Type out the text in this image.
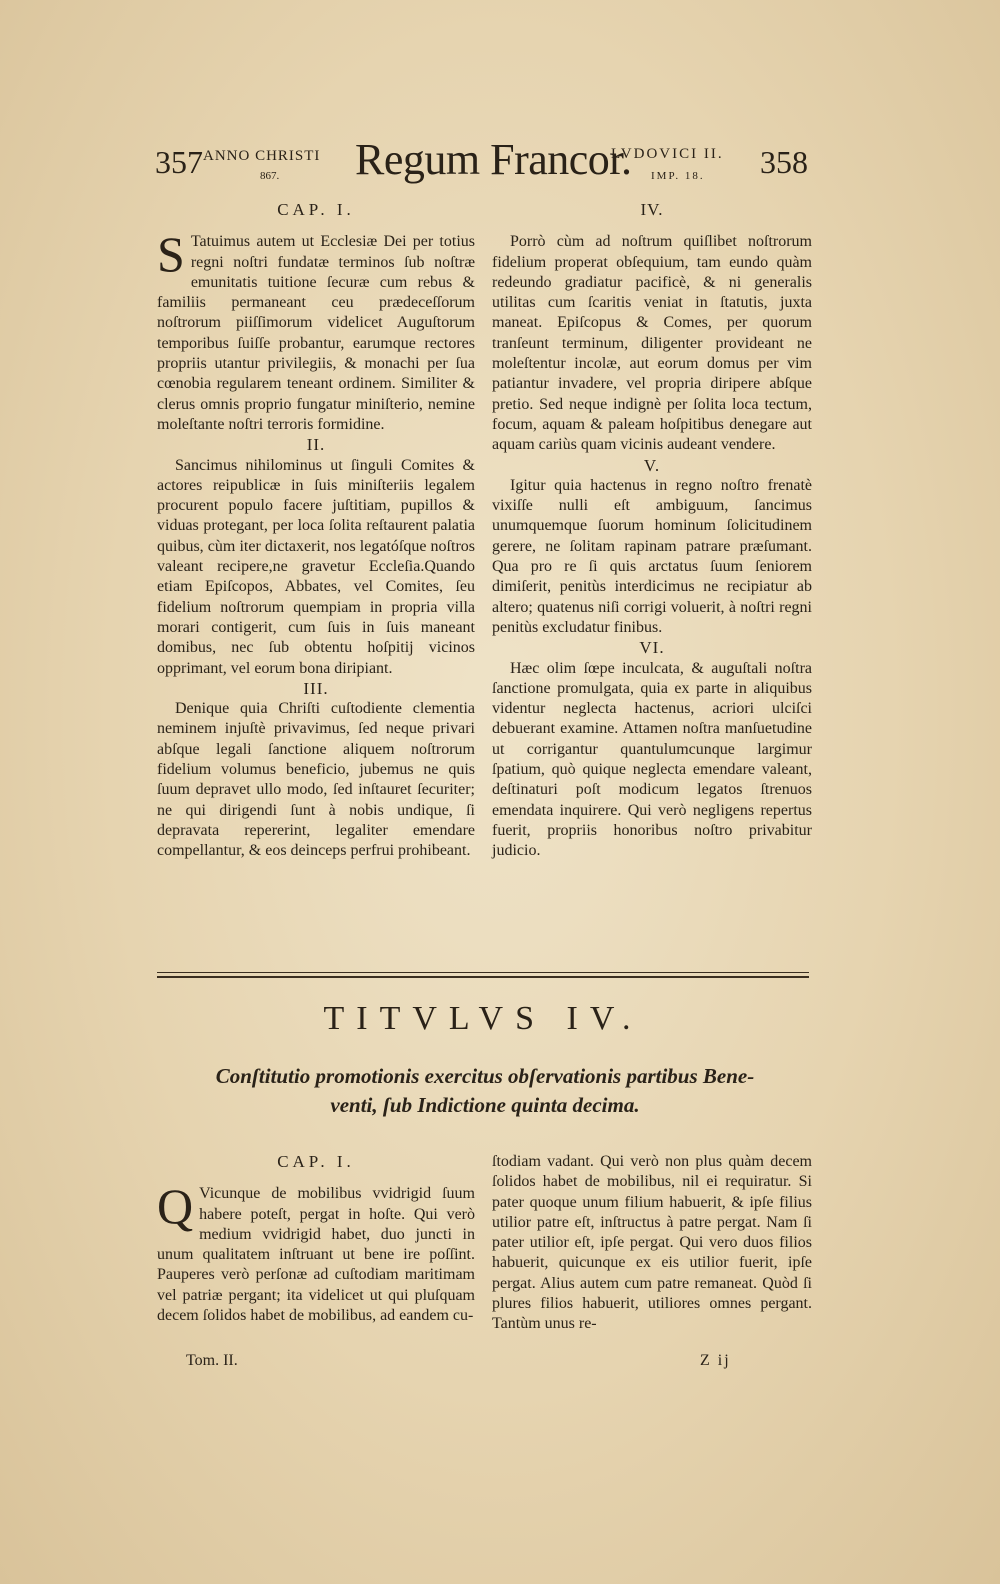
357 ANNO CHRISTI
867. Regum Francor.
LVDOVICI II.
IMP. 18. 358

CAP. I.

S Tatuimus autem ut Ecclesiæ Dei per totius regni noſtri fundatæ terminos ſub noſtræ emunitatis tuitione ſecuræ cum rebus & familiis permaneant ceu prædeceſſorum noſtrorum piiſſimorum videlicet Auguſtorum temporibus ſuiſſe probantur, earumque rectores propriis utantur privilegiis, & monachi per ſua cœnobia regularem teneant ordinem. Similiter & clerus omnis proprio fungatur miniſterio, nemine moleſtante noſtri terroris formidine.

II.

Sancimus nihilominus ut ſinguli Comites & actores reipublicæ in ſuis miniſteriis legalem procurent populo facere juſtitiam, pupillos & viduas protegant, per loca ſolita reſtaurent palatia quibus, cùm iter dictaxerit, nos legatóſque noſtros valeant recipere,ne gravetur Eccleſia.Quando etiam Epiſcopos, Abbates, vel Comites, ſeu fidelium noſtrorum quempiam in propria villa morari contigerit, cum ſuis in ſuis maneant domibus, nec ſub obtentu hoſpitij vicinos opprimant, vel eorum bona diripiant.

III.

Denique quia Chriſti cuſtodiente clementia neminem injuſtè privavimus, ſed neque privari abſque legali ſanctione aliquem noſtrorum fidelium volumus beneficio, jubemus ne quis ſuum depravet ullo modo, ſed inſtauret ſecuriter; ne qui dirigendi ſunt à nobis undique, ſi depravata repererint, legaliter emendare compellantur, & eos deinceps perfrui prohibeant.

IV.

Porrò cùm ad noſtrum quiſlibet noſtrorum fidelium properat obſequium, tam eundo quàm redeundo gradiatur pacificè, & ni generalis utilitas cum ſcaritis veniat in ſtatutis, juxta maneat. Epiſcopus & Comes, per quorum tranſeunt terminum, diligenter provideant ne moleſtentur incolæ, aut eorum domus per vim patiantur invadere, vel propria diripere abſque pretio. Sed neque indignè per ſolita loca tectum, focum, aquam & paleam hoſpitibus denegare aut aquam cariùs quam vicinis audeant vendere.

V.

Igitur quia hactenus in regno noſtro frenatè vixiſſe nulli eſt ambiguum, ſancimus unumquemque ſuorum hominum ſolicitudinem gerere, ne ſolitam rapinam patrare præſumant. Qua pro re ſi quis arctatus ſuum ſeniorem dimiſerit, penitùs interdicimus ne recipiatur ab altero; quatenus niſi corrigi voluerit, à noſtri regni penitùs excludatur finibus.

VI.

Hæc olim ſœpe inculcata, & auguſtali noſtra ſanctione promulgata, quia ex parte in aliquibus videntur neglecta hactenus, acriori ulciſci debuerant examine. Attamen noſtra manſuetudine ut corrigantur quantulumcunque largimur ſpatium, quò quique neglecta emendare valeant, deſtinaturi poſt modicum legatos ſtrenuos emendata inquirere. Qui verò negligens repertus fuerit, propriis honoribus noſtro privabitur judicio.

TITVLVS IV.
Conſtitutio promotionis exercitus obſervationis partibus Bene-
venti, ſub Indictione quinta decima.

CAP. I.

Q Vicunque de mobilibus vvidrigid ſuum habere poteſt, pergat in hoſte. Qui verò medium vvidrigid habet, duo juncti in unum qualitatem inſtruant ut bene ire poſſint. Pauperes verò perſonæ ad cuſtodiam maritimam vel patriæ pergant; ita videlicet ut qui pluſquam decem ſolidos habet de mobilibus, ad eandem cu-

ſtodiam vadant. Qui verò non plus quàm decem ſolidos habet de mobilibus, nil ei requiratur. Si pater quoque unum filium habuerit, & ipſe filius utilior patre eſt, inſtructus à patre pergat. Nam ſi pater utilior eſt, ipſe pergat. Qui vero duos filios habuerit, quicunque ex eis utilior fuerit, ipſe pergat. Alius autem cum patre remaneat. Quòd ſi plures filios habuerit, utiliores omnes pergant. Tantùm unus re-

Tom. II.	Z ij
